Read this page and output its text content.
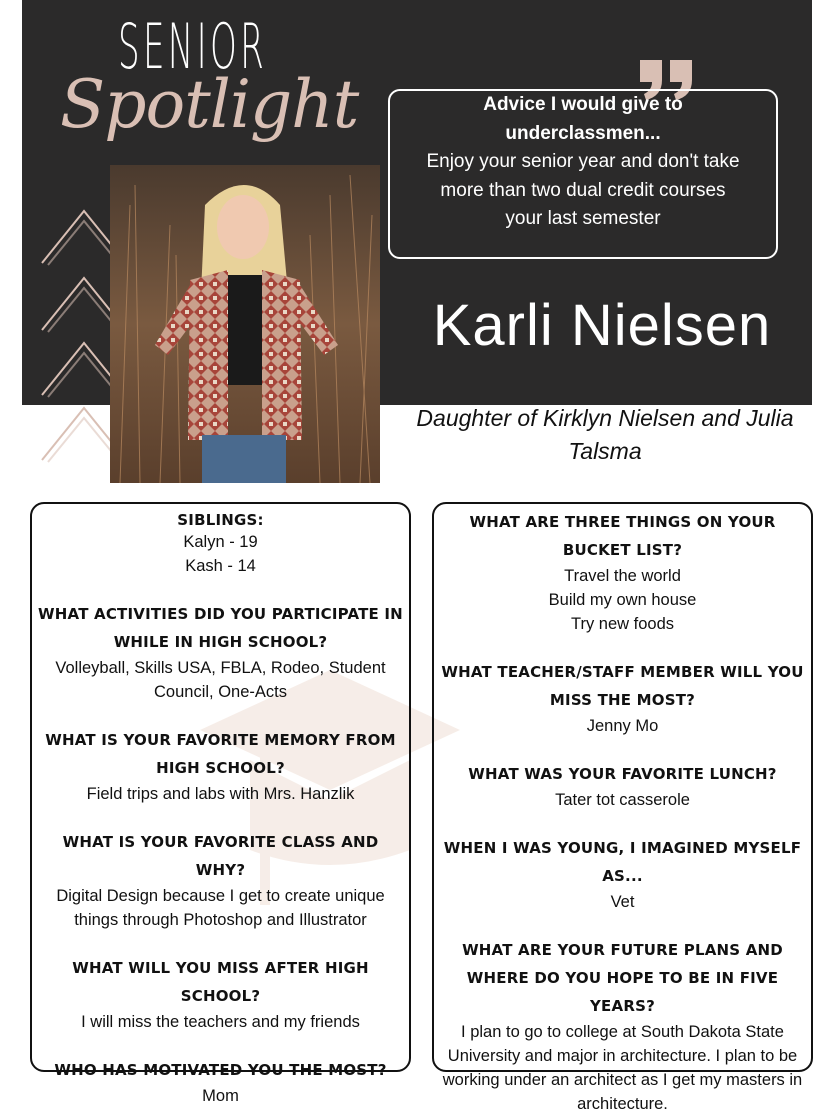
SENIOR
Spotlight	Advice I would give to underclassmen...
Enjoy your senior year and don't take more than two dual credit courses your last semester
Karli Nielsen
Daughter of Kirklyn Nielsen and Julia Talsma
SIBLINGS:
Kalyn - 19
Kash - 14
WHAT ACTIVITIES DID YOU PARTICIPATE IN WHILE IN HIGH SCHOOL?
Volleyball, Skills USA, FBLA, Rodeo, Student Council, One-Acts
WHAT IS YOUR FAVORITE MEMORY FROM HIGH SCHOOL?
Field trips and labs with Mrs. Hanzlik
WHAT IS YOUR FAVORITE CLASS AND WHY?
Digital Design because I get to create unique things through Photoshop and Illustrator
WHAT WILL YOU MISS AFTER HIGH SCHOOL?
I will miss the teachers and my friends
WHO HAS MOTIVATED YOU THE MOST?
Mom
WHAT ARE THREE THINGS ON YOUR BUCKET LIST?
Travel the world
Build my own house
Try new foods
WHAT TEACHER/STAFF MEMBER WILL YOU MISS THE MOST?
Jenny Mo
WHAT WAS YOUR FAVORITE LUNCH?
Tater tot casserole
WHEN I WAS YOUNG, I IMAGINED MYSELF AS...
Vet
WHAT ARE YOUR FUTURE PLANS AND WHERE DO YOU HOPE TO BE IN FIVE YEARS?
I plan to go to college at South Dakota State University and major in architecture. I plan to be working under an architect as I get my masters in architecture.
